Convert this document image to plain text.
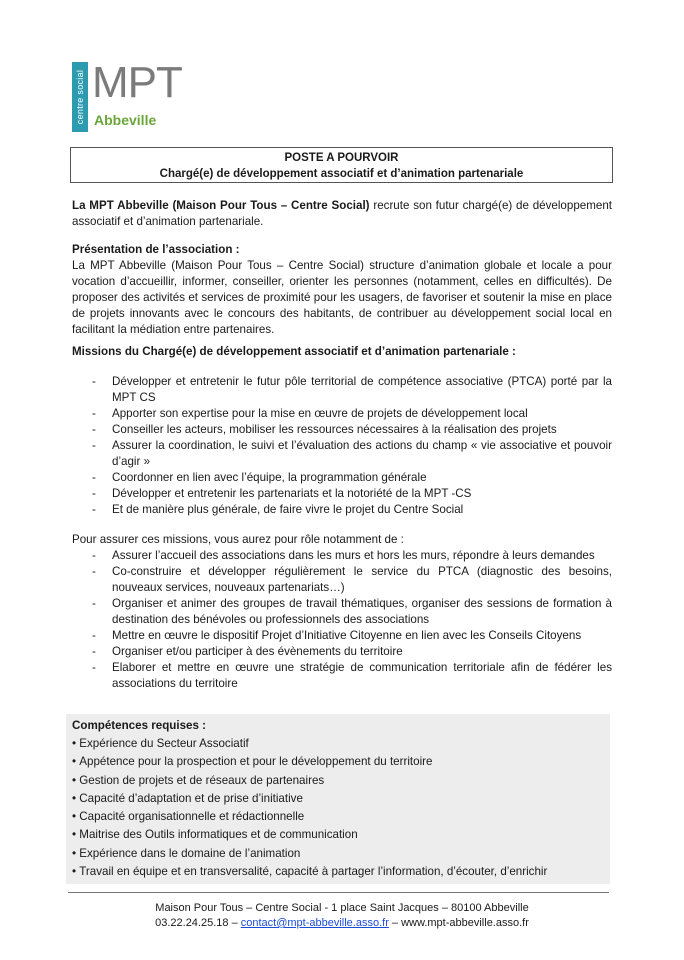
centre social MPT
Abbeville
POSTE A POURVOIR
Chargé(e) de développement associatif et d’animation partenariale

La MPT Abbeville (Maison Pour Tous – Centre Social) recrute son futur chargé(e) de développement associatif et d’animation partenariale.

Présentation de l’association :

La MPT Abbeville (Maison Pour Tous – Centre Social) structure d’animation globale et locale a pour vocation d’accueillir, informer, conseiller, orienter les personnes (notamment, celles en difficultés). De proposer des activités et services de proximité pour les usagers, de favoriser et soutenir la mise en place de projets innovants avec le concours des habitants, de contribuer au développement social local en facilitant la médiation entre partenaires.

Missions du Chargé(e) de développement associatif et d’animation partenariale :

- Développer et entretenir le futur pôle territorial de compétence associative (PTCA) porté par la MPT CS
- Apporter son expertise pour la mise en œuvre de projets de développement local
- Conseiller les acteurs, mobiliser les ressources nécessaires à la réalisation des projets
- Assurer la coordination, le suivi et l’évaluation des actions du champ « vie associative et pouvoir d’agir »
- Coordonner en lien avec l’équipe, la programmation générale
- Développer et entretenir les partenariats et la notoriété de la MPT -CS
- Et de manière plus générale, de faire vivre le projet du Centre Social

Pour assurer ces missions, vous aurez pour rôle notamment de :

- Assurer l’accueil des associations dans les murs et hors les murs, répondre à leurs demandes
- Co-construire et développer régulièrement le service du PTCA (diagnostic des besoins, nouveaux services, nouveaux partenariats…)
- Organiser et animer des groupes de travail thématiques, organiser des sessions de formation à destination des bénévoles ou professionnels des associations
- Mettre en œuvre le dispositif Projet d’Initiative Citoyenne en lien avec les Conseils Citoyens
- Organiser et/ou participer à des évènements du territoire
- Elaborer et mettre en œuvre une stratégie de communication territoriale afin de fédérer les associations du territoire
Compétences requises :
• Expérience du Secteur Associatif
• Appétence pour la prospection et pour le développement du territoire
• Gestion de projets et de réseaux de partenaires
• Capacité d’adaptation et de prise d’initiative
• Capacité organisationnelle et rédactionnelle
• Maitrise des Outils informatiques et de communication
• Expérience dans le domaine de l’animation
• Travail en équipe et en transversalité, capacité à partager l’information, d’écouter, d’enrichir
Maison Pour Tous – Centre Social - 1 place Saint Jacques – 80100 Abbeville
03.22.24.25.18 – contact@mpt-abbeville.asso.fr – www.mpt-abbeville.asso.fr
